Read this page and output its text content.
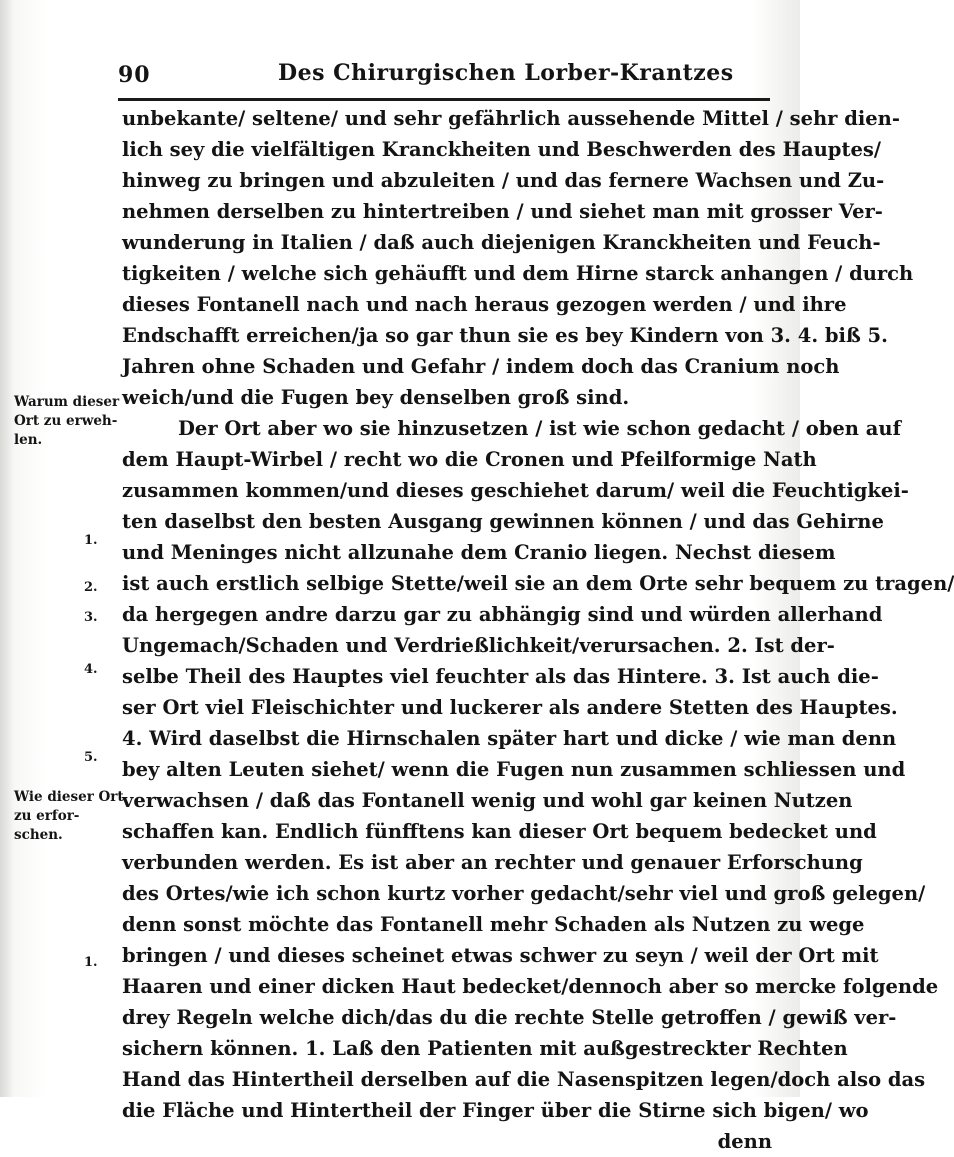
90	Des Chirurgischen Lorber-Krantzes
unbekante/ seltene/ und sehr gefährlich aussehende Mittel / sehr dien-
lich sey die vielfältigen Kranckheiten und Beschwerden des Hauptes/
hinweg zu bringen und abzuleiten / und das fernere Wachsen und Zu-
nehmen derselben zu hintertreiben / und siehet man mit grosser Ver-
wunderung in Italien / daß auch diejenigen Kranckheiten und Feuch-
tigkeiten / welche sich gehäufft und dem Hirne starck anhangen / durch
dieses Fontanell nach und nach heraus gezogen werden / und ihre
Endschafft erreichen/ja so gar thun sie es bey Kindern von 3. 4. biß 5.
Jahren ohne Schaden und Gefahr / indem doch das Cranium noch
weich/und die Fugen bey denselben groß sind.
Der Ort aber wo sie hinzusetzen / ist wie schon gedacht / oben auf
dem Haupt-Wirbel / recht wo die Cronen und Pfeilformige Nath
zusammen kommen/und dieses geschiehet darum/ weil die Feuchtigkei-
ten daselbst den besten Ausgang gewinnen können / und das Gehirne
und Meninges nicht allzunahe dem Cranio liegen. Nechst diesem
ist auch erstlich selbige Stette/weil sie an dem Orte sehr bequem zu tragen/
da hergegen andre darzu gar zu abhängig sind und würden allerhand
Ungemach/Schaden und Verdrießlichkeit/verursachen. 2. Ist der-
selbe Theil des Hauptes viel feuchter als das Hintere. 3. Ist auch die-
ser Ort viel Fleischichter und luckerer als andere Stetten des Hauptes.
4. Wird daselbst die Hirnschalen später hart und dicke / wie man denn
bey alten Leuten siehet/ wenn die Fugen nun zusammen schliessen und
verwachsen / daß das Fontanell wenig und wohl gar keinen Nutzen
schaffen kan. Endlich fünfftens kan dieser Ort bequem bedecket und
verbunden werden. Es ist aber an rechter und genauer Erforschung
des Ortes/wie ich schon kurtz vorher gedacht/sehr viel und groß gelegen/
denn sonst möchte das Fontanell mehr Schaden als Nutzen zu wege
bringen / und dieses scheinet etwas schwer zu seyn / weil der Ort mit
Haaren und einer dicken Haut bedecket/dennoch aber so mercke folgende
drey Regeln welche dich/das du die rechte Stelle getroffen / gewiß ver-
sichern können. 1. Laß den Patienten mit außgestreckter Rechten
Hand das Hintertheil derselben auf die Nasenspitzen legen/doch also das
die Fläche und Hintertheil der Finger über die Stirne sich bigen/ wo
denn
Warum dieser Ort zu erweh-len.
Wie dieser Ort zu erfor-schen.
1.
2.
3.
4.
5.
1.
